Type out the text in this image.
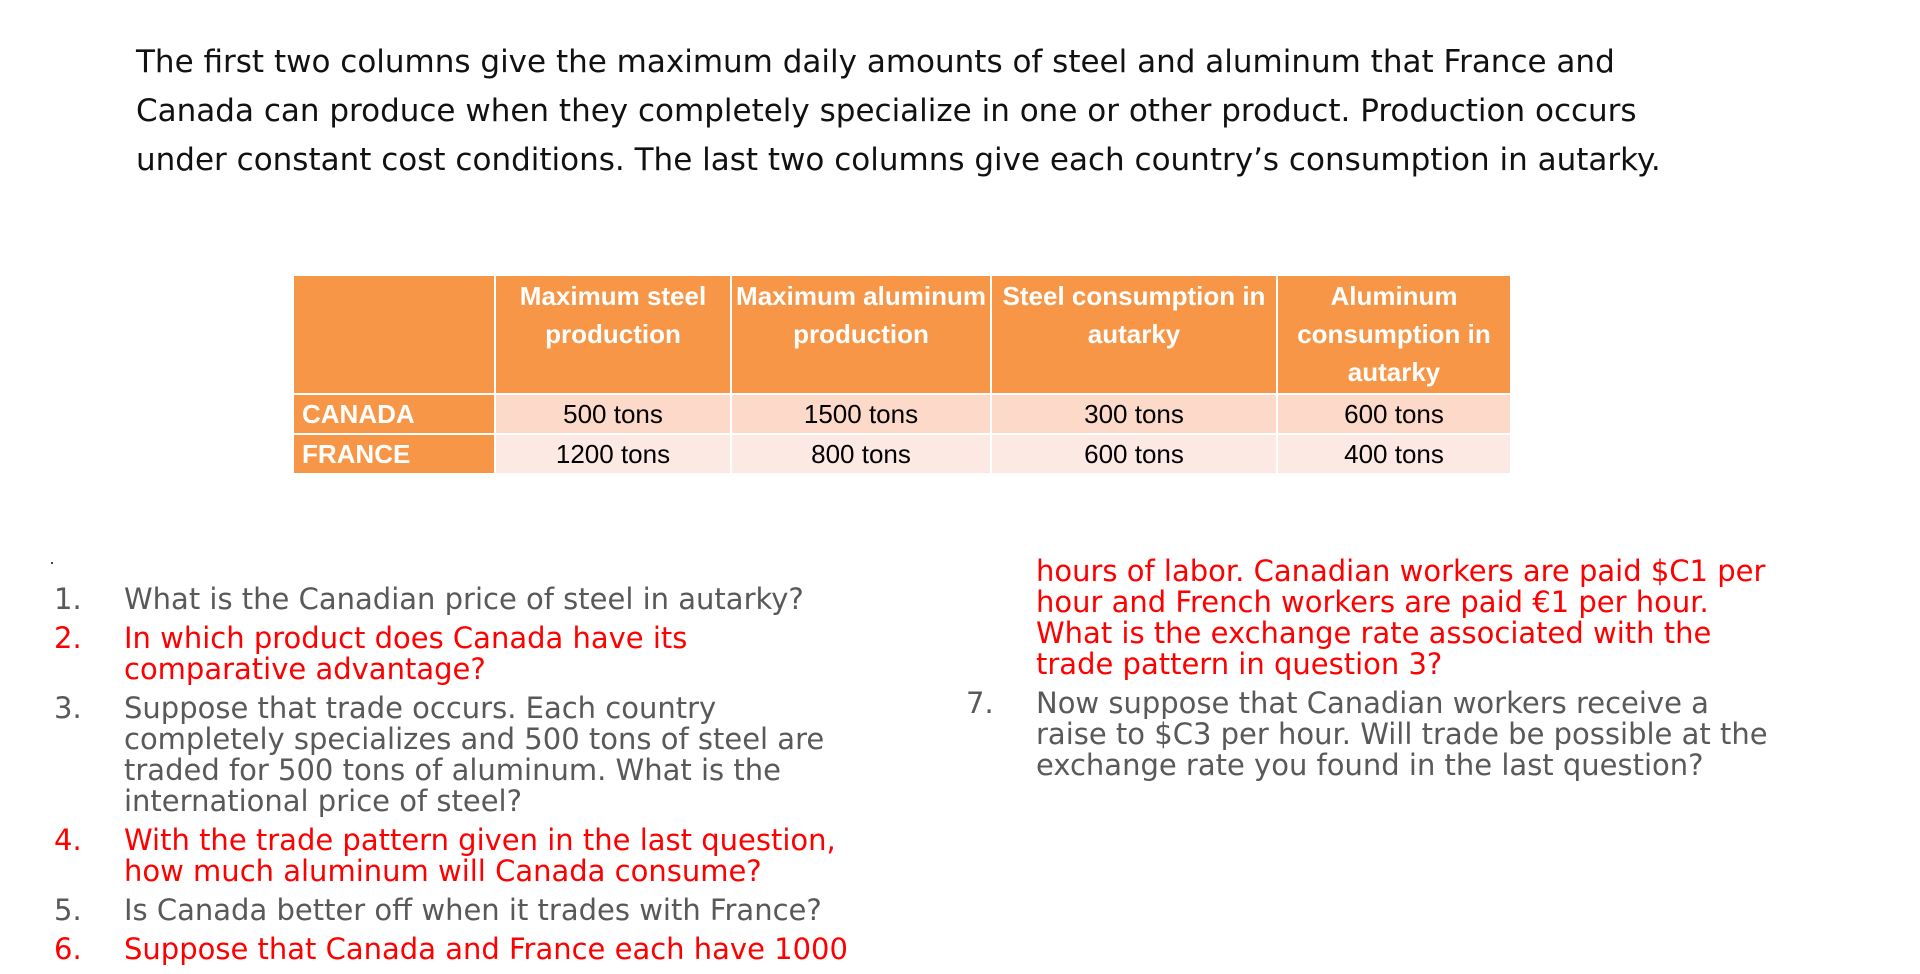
The first two columns give the maximum daily amounts of steel and aluminum that France and
Canada can produce when they completely specialize in one or other product. Production occurs
under constant cost conditions. The last two columns give each country’s consumption in autarky.
	Maximum steel production	Maximum aluminum production	Steel consumption in autarky	Aluminum consumption in autarky
CANADA	500 tons	1500 tons	300 tons	600 tons
FRANCE	1200 tons	800 tons	600 tons	400 tons
1. What is the Canadian price of steel in autarky?
2. In which product does Canada have its
comparative advantage?
3. Suppose that trade occurs. Each country
completely specializes and 500 tons of steel are
traded for 500 tons of aluminum. What is the
international price of steel?
4. With the trade pattern given in the last question,
how much aluminum will Canada consume?
5. Is Canada better off when it trades with France?
6. Suppose that Canada and France each have 1000
hours of labor. Canadian workers are paid $C1 per
hour and French workers are paid €1 per hour.
What is the exchange rate associated with the
trade pattern in question 3?
7. Now suppose that Canadian workers receive a
raise to $C3 per hour. Will trade be possible at the
exchange rate you found in the last question?
